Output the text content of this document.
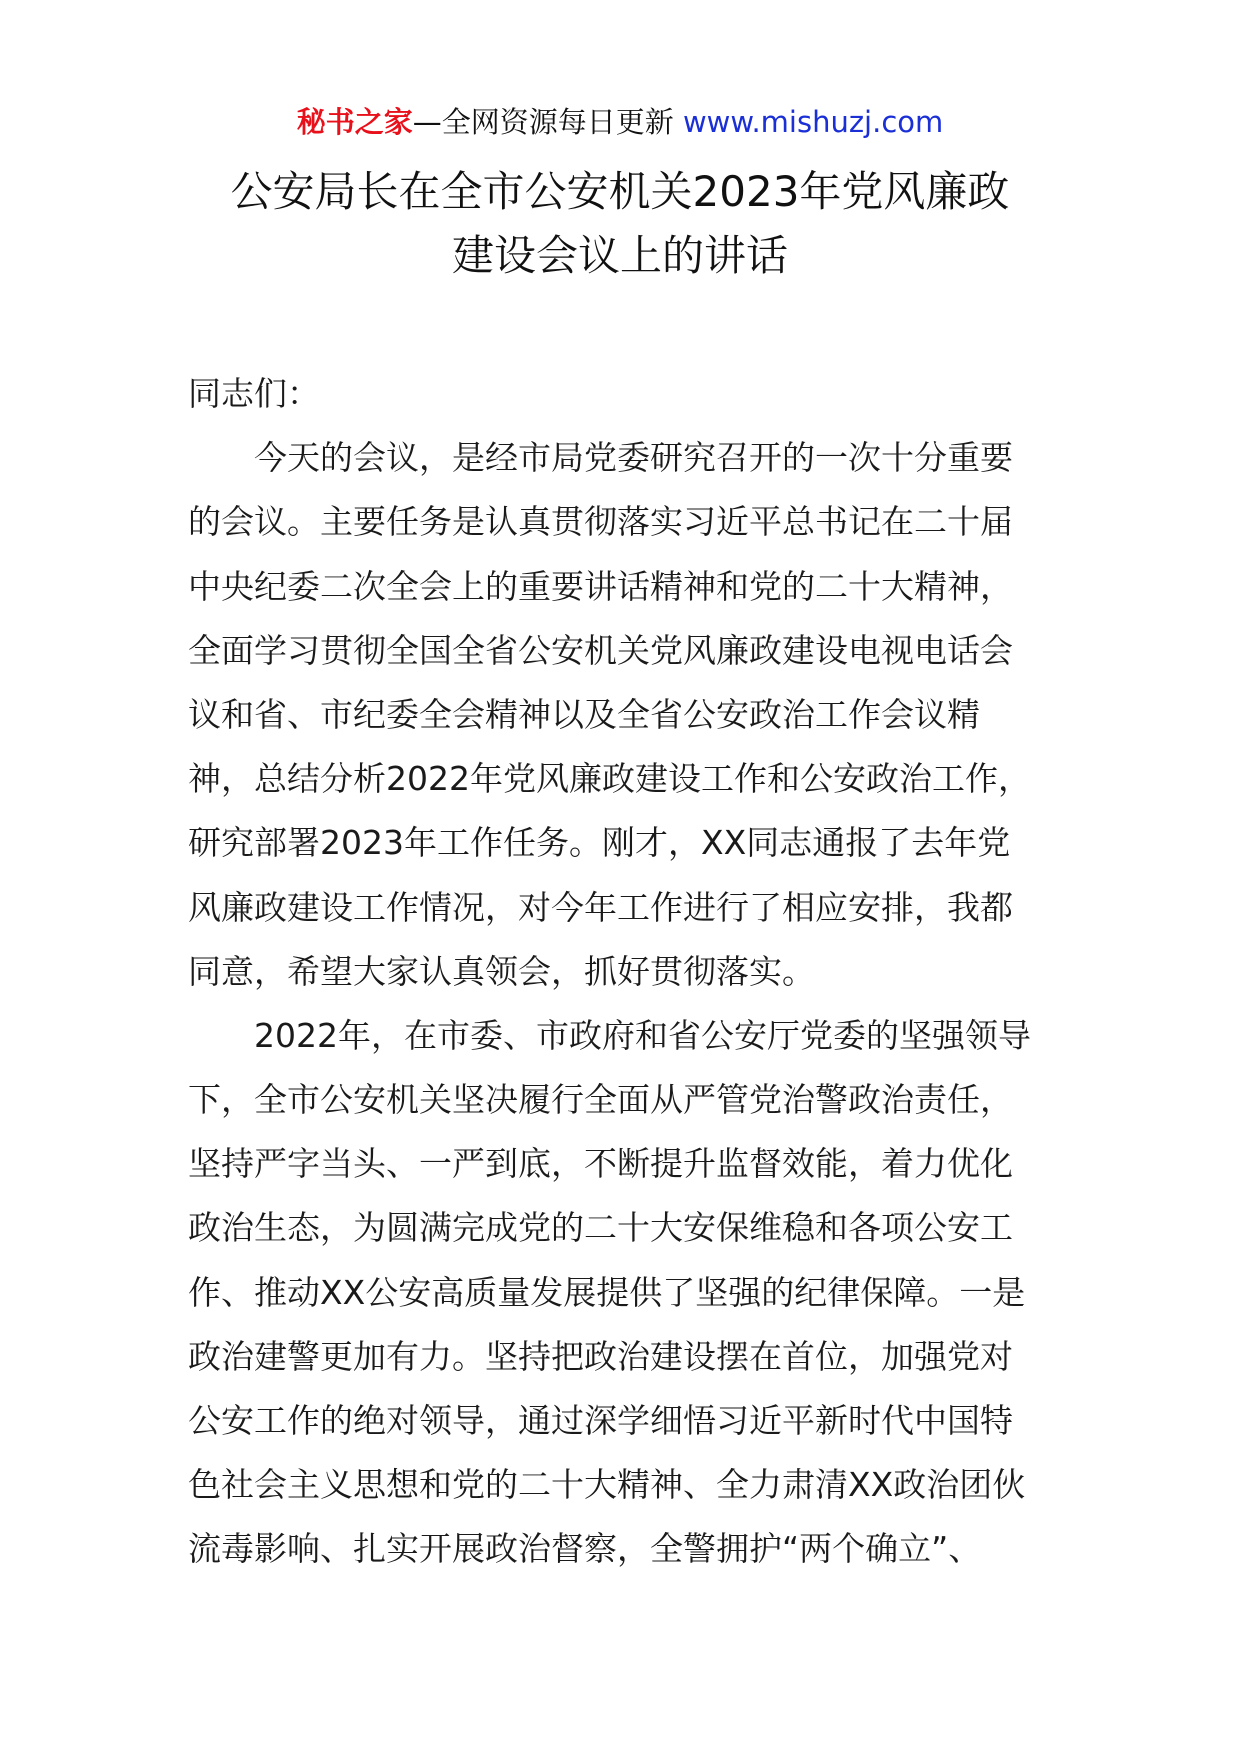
秘书之家—全网资源每日更新 www.mishuzj.com
公安局长在全市公安机关2023年党风廉政
建设会议上的讲话
同志们：
今天的会议，是经市局党委研究召开的一次十分重要
的会议。主要任务是认真贯彻落实习近平总书记在二十届
中央纪委二次全会上的重要讲话精神和党的二十大精神，
全面学习贯彻全国全省公安机关党风廉政建设电视电话会
议和省、市纪委全会精神以及全省公安政治工作会议精
神，总结分析2022年党风廉政建设工作和公安政治工作，
研究部署2023年工作任务。刚才，XX同志通报了去年党
风廉政建设工作情况，对今年工作进行了相应安排，我都
同意，希望大家认真领会，抓好贯彻落实。
2022年，在市委、市政府和省公安厅党委的坚强领导
下，全市公安机关坚决履行全面从严管党治警政治责任，
坚持严字当头、一严到底，不断提升监督效能，着力优化
政治生态，为圆满完成党的二十大安保维稳和各项公安工
作、推动XX公安高质量发展提供了坚强的纪律保障。一是
政治建警更加有力。坚持把政治建设摆在首位，加强党对
公安工作的绝对领导，通过深学细悟习近平新时代中国特
色社会主义思想和党的二十大精神、全力肃清XX政治团伙
流毒影响、扎实开展政治督察，全警拥护“两个确立”、
